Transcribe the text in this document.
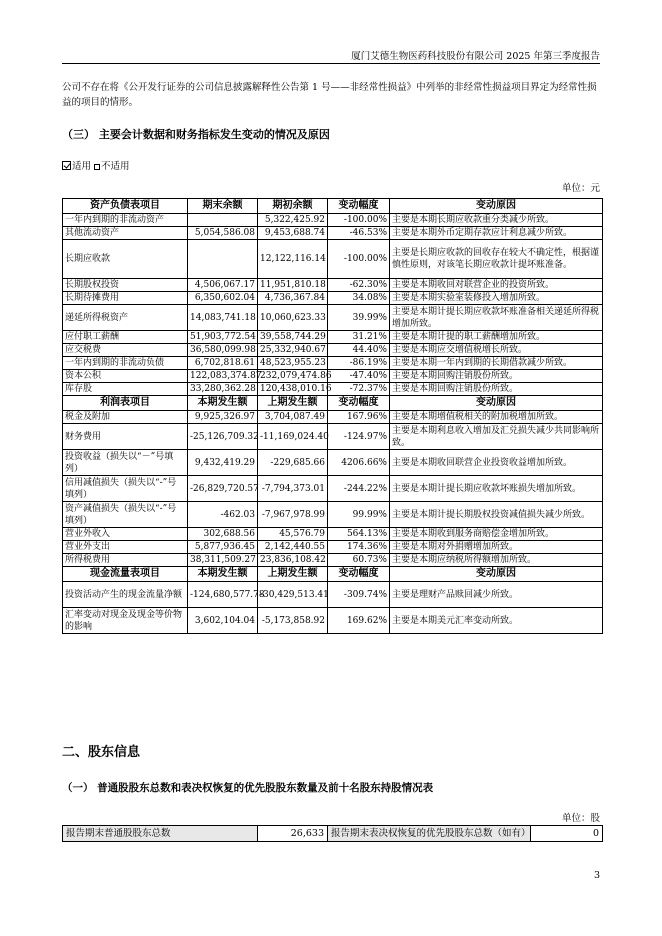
厦门艾德生物医药科技股份有限公司 2025 年第三季度报告
公司不存在将《公开发行证券的公司信息披露解释性公告第 1 号——非经常性损益》中列举的非经常性损益项目界定为经常性损益的项目的情形。
（三） 主要会计数据和财务指标发生变动的情况及原因
适用 不适用
单位：元
资产负债表项目	期末余额	期初余额	变动幅度	变动原因
一年内到期的非流动资产		5,322,425.92	-100.00%	主要是本期长期应收款重分类减少所致。
其他流动资产	5,054,586.08	9,453,688.74	-46.53%	主要是本期外币定期存款应计利息减少所致。
长期应收款		12,122,116.14	-100.00%	主要是长期应收款的回收存在较大不确定性，根据谨慎性原则，对该笔长期应收款计提坏账准备。
长期股权投资	4,506,067.17	11,951,810.18	-62.30%	主要是本期收回对联营企业的投资所致。
长期待摊费用	6,350,602.04	4,736,367.84	34.08%	主要是本期实验室装修投入增加所致。
递延所得税资产	14,083,741.18	10,060,623.33	39.99%	主要是本期计提长期应收款坏账准备相关递延所得税增加所致。
应付职工薪酬	51,903,772.54	39,558,744.29	31.21%	主要是本期计提的职工薪酬增加所致。
应交税费	36,580,099.98	25,332,940.67	44.40%	主要是本期应交增值税增长所致。
一年内到期的非流动负债	6,702,818.61	48,523,955.23	-86.19%	主要是本期一年内到期的长期借款减少所致。
资本公积	122,083,374.87	232,079,474.86	-47.40%	主要是本期回购注销股份所致。
库存股	33,280,362.28	120,438,010.16	-72.37%	主要是本期回购注销股份所致。
利润表项目	本期发生额	上期发生额	变动幅度	变动原因
税金及附加	9,925,326.97	3,704,087.49	167.96%	主要是本期增值税相关的附加税增加所致。
财务费用	-25,126,709.32	-11,169,024.40	-124.97%	主要是本期利息收入增加及汇兑损失减少共同影响所致。
投资收益（损失以“－”号填列）	9,432,419.29	-229,685.66	4206.66%	主要是本期收回联营企业投资收益增加所致。
信用减值损失（损失以“-”号填列）	-26,829,720.57	-7,794,373.01	-244.22%	主要是本期计提长期应收款坏账损失增加所致。
资产减值损失（损失以“-”号填列）	-462.03	-7,967,978.99	99.99%	主要是本期计提长期股权投资减值损失减少所致。
营业外收入	302,688.56	45,576.79	564.13%	主要是本期收到服务商赔偿金增加所致。
营业外支出	5,877,936.45	2,142,440.55	174.36%	主要是本期对外捐赠增加所致。
所得税费用	38,311,509.27	23,836,108.42	60.73%	主要是本期应纳税所得额增加所致。
现金流量表项目	本期发生额	上期发生额	变动幅度	变动原因
投资活动产生的现金流量净额	-124,680,577.78	-30,429,513.41	-309.74%	主要是理财产品赎回减少所致。
汇率变动对现金及现金等价物的影响	3,602,104.04	-5,173,858.92	169.62%	主要是本期美元汇率变动所致。
二、股东信息
（一） 普通股股东总数和表决权恢复的优先股股东数量及前十名股东持股情况表
单位：股
报告期末普通股股东总数	26,633	报告期末表决权恢复的优先股股东总数（如有）	0
3
